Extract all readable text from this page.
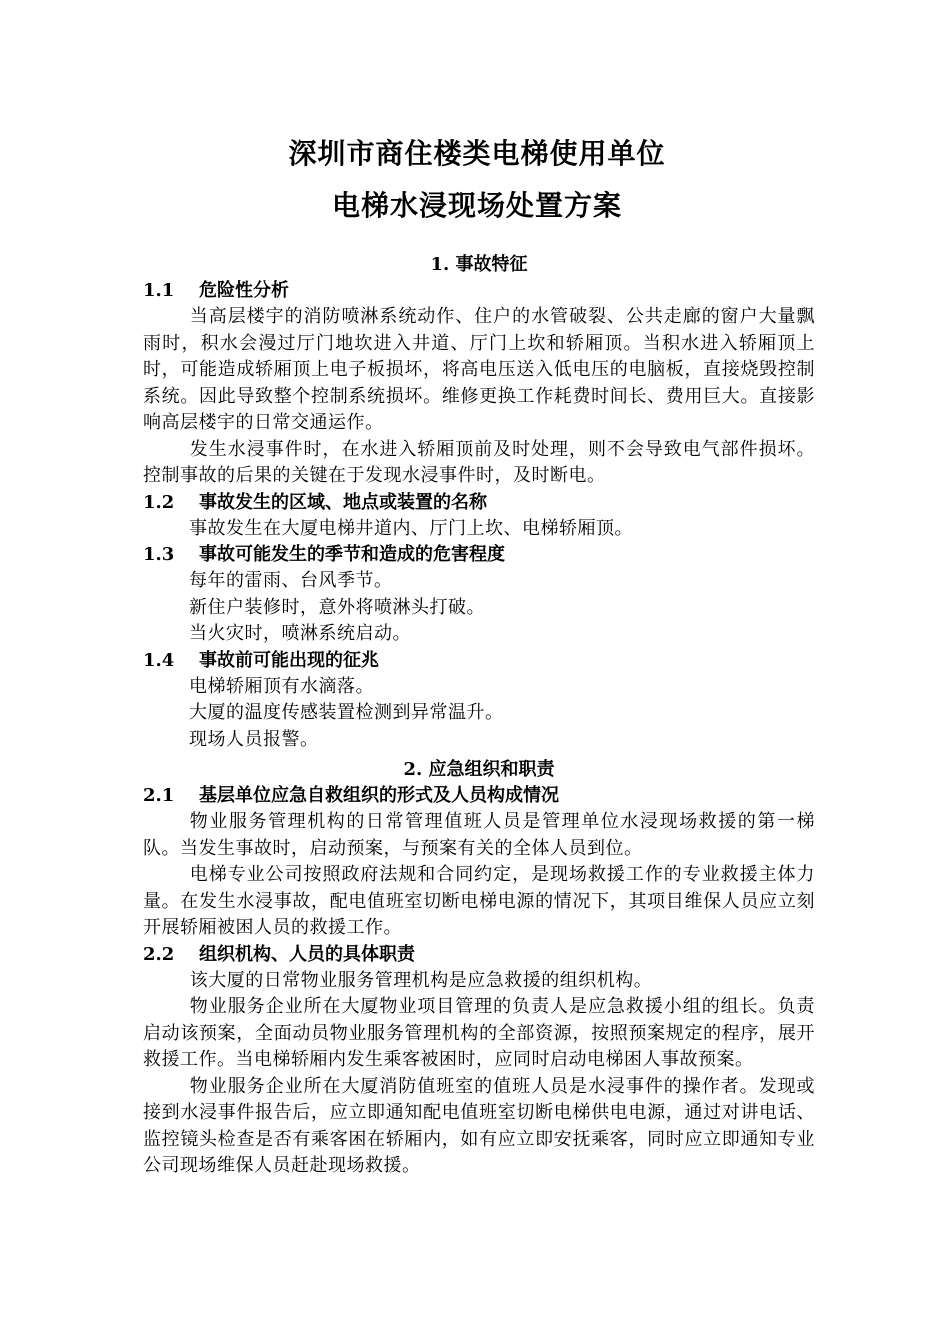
深圳市商住楼类电梯使用单位
电梯水浸现场处置方案
1. 事故特征
1.1 危险性分析
当高层楼宇的消防喷淋系统动作、住户的水管破裂、公共走廊的窗户大量飘雨时，积水会漫过厅门地坎进入井道、厅门上坎和轿厢顶。当积水进入轿厢顶上时，可能造成轿厢顶上电子板损坏，将高电压送入低电压的电脑板，直接烧毁控制系统。因此导致整个控制系统损坏。维修更换工作耗费时间长、费用巨大。直接影响高层楼宇的日常交通运作。
发生水浸事件时，在水进入轿厢顶前及时处理，则不会导致电气部件损坏。控制事故的后果的关键在于发现水浸事件时，及时断电。
1.2 事故发生的区域、地点或装置的名称
事故发生在大厦电梯井道内、厅门上坎、电梯轿厢顶。
1.3 事故可能发生的季节和造成的危害程度
每年的雷雨、台风季节。
新住户装修时，意外将喷淋头打破。
当火灾时，喷淋系统启动。
1.4 事故前可能出现的征兆
电梯轿厢顶有水滴落。
大厦的温度传感装置检测到异常温升。
现场人员报警。
2. 应急组织和职责
2.1 基层单位应急自救组织的形式及人员构成情况
物业服务管理机构的日常管理值班人员是管理单位水浸现场救援的第一梯队。当发生事故时，启动预案，与预案有关的全体人员到位。
电梯专业公司按照政府法规和合同约定，是现场救援工作的专业救援主体力量。在发生水浸事故，配电值班室切断电梯电源的情况下，其项目维保人员应立刻开展轿厢被困人员的救援工作。
2.2 组织机构、人员的具体职责
该大厦的日常物业服务管理机构是应急救援的组织机构。
物业服务企业所在大厦物业项目管理的负责人是应急救援小组的组长。负责启动该预案，全面动员物业服务管理机构的全部资源，按照预案规定的程序，展开救援工作。当电梯轿厢内发生乘客被困时，应同时启动电梯困人事故预案。
物业服务企业所在大厦消防值班室的值班人员是水浸事件的操作者。发现或接到水浸事件报告后，应立即通知配电值班室切断电梯供电电源，通过对讲电话、监控镜头检查是否有乘客困在轿厢内，如有应立即安抚乘客，同时应立即通知专业公司现场维保人员赶赴现场救援。
